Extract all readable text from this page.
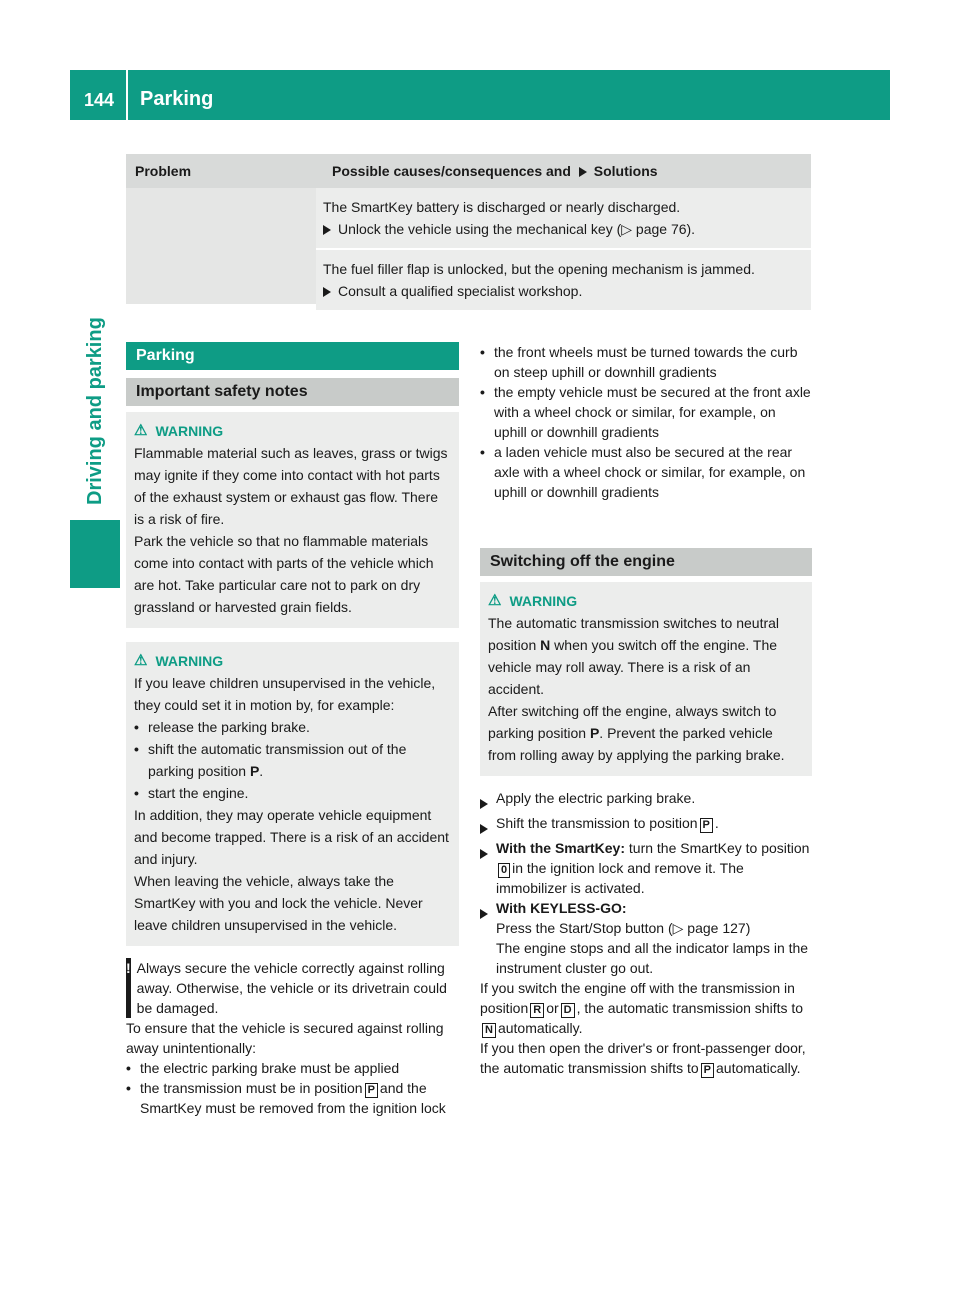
144 Parking
Driving and parking
Problem	Possible causes/consequences and Solutions

The SmartKey battery is discharged or nearly discharged.

Unlock the vehicle using the mechanical key (▷ page 76).

The fuel filler flap is unlocked, but the opening mechanism is jammed.

Consult a qualified specialist workshop.

Parking
Important safety notes
⚠ WARNING

Flammable material such as leaves, grass or twigs may ignite if they come into contact with hot parts of the exhaust system or exhaust gas flow. There is a risk of fire.

Park the vehicle so that no flammable materials come into contact with parts of the vehicle which are hot. Take particular care not to park on dry grassland or harvested grain fields.

⚠ WARNING

If you leave children unsupervised in the vehicle, they could set it in motion by, for example:

• release the parking brake.
• shift the automatic transmission out of the parking position P.
• start the engine.

In addition, they may operate vehicle equipment and become trapped. There is a risk of an accident and injury.

When leaving the vehicle, always take the SmartKey with you and lock the vehicle. Never leave children unsupervised in the vehicle.

! Always secure the vehicle correctly against rolling away. Otherwise, the vehicle or its drivetrain could be damaged.

To ensure that the vehicle is secured against rolling away unintentionally:

• the electric parking brake must be applied
• the transmission must be in position P and the SmartKey must be removed from the ignition lock
• the front wheels must be turned towards the curb on steep uphill or downhill gradients
• the empty vehicle must be secured at the front axle with a wheel chock or similar, for example, on uphill or downhill gradients
• a laden vehicle must also be secured at the rear axle with a wheel chock or similar, for example, on uphill or downhill gradients
Switching off the engine
⚠ WARNING

The automatic transmission switches to neutral position N when you switch off the engine. The vehicle may roll away. There is a risk of an accident.

After switching off the engine, always switch to parking position P. Prevent the parked vehicle from rolling away by applying the parking brake.

Apply the electric parking brake.
Shift the transmission to position P .
With the SmartKey: turn the SmartKey to position0 in the ignition lock and remove it. The immobilizer is activated.
With KEYLESS-GO:
Press the Start/Stop button (▷ page 127)
The engine stops and all the indicator lamps in the instrument cluster go out.

If you switch the engine off with the transmission in position R or D , the automatic transmission shifts toN automatically.

If you then open the driver's or front-passenger door, the automatic transmission shifts to P automatically.
